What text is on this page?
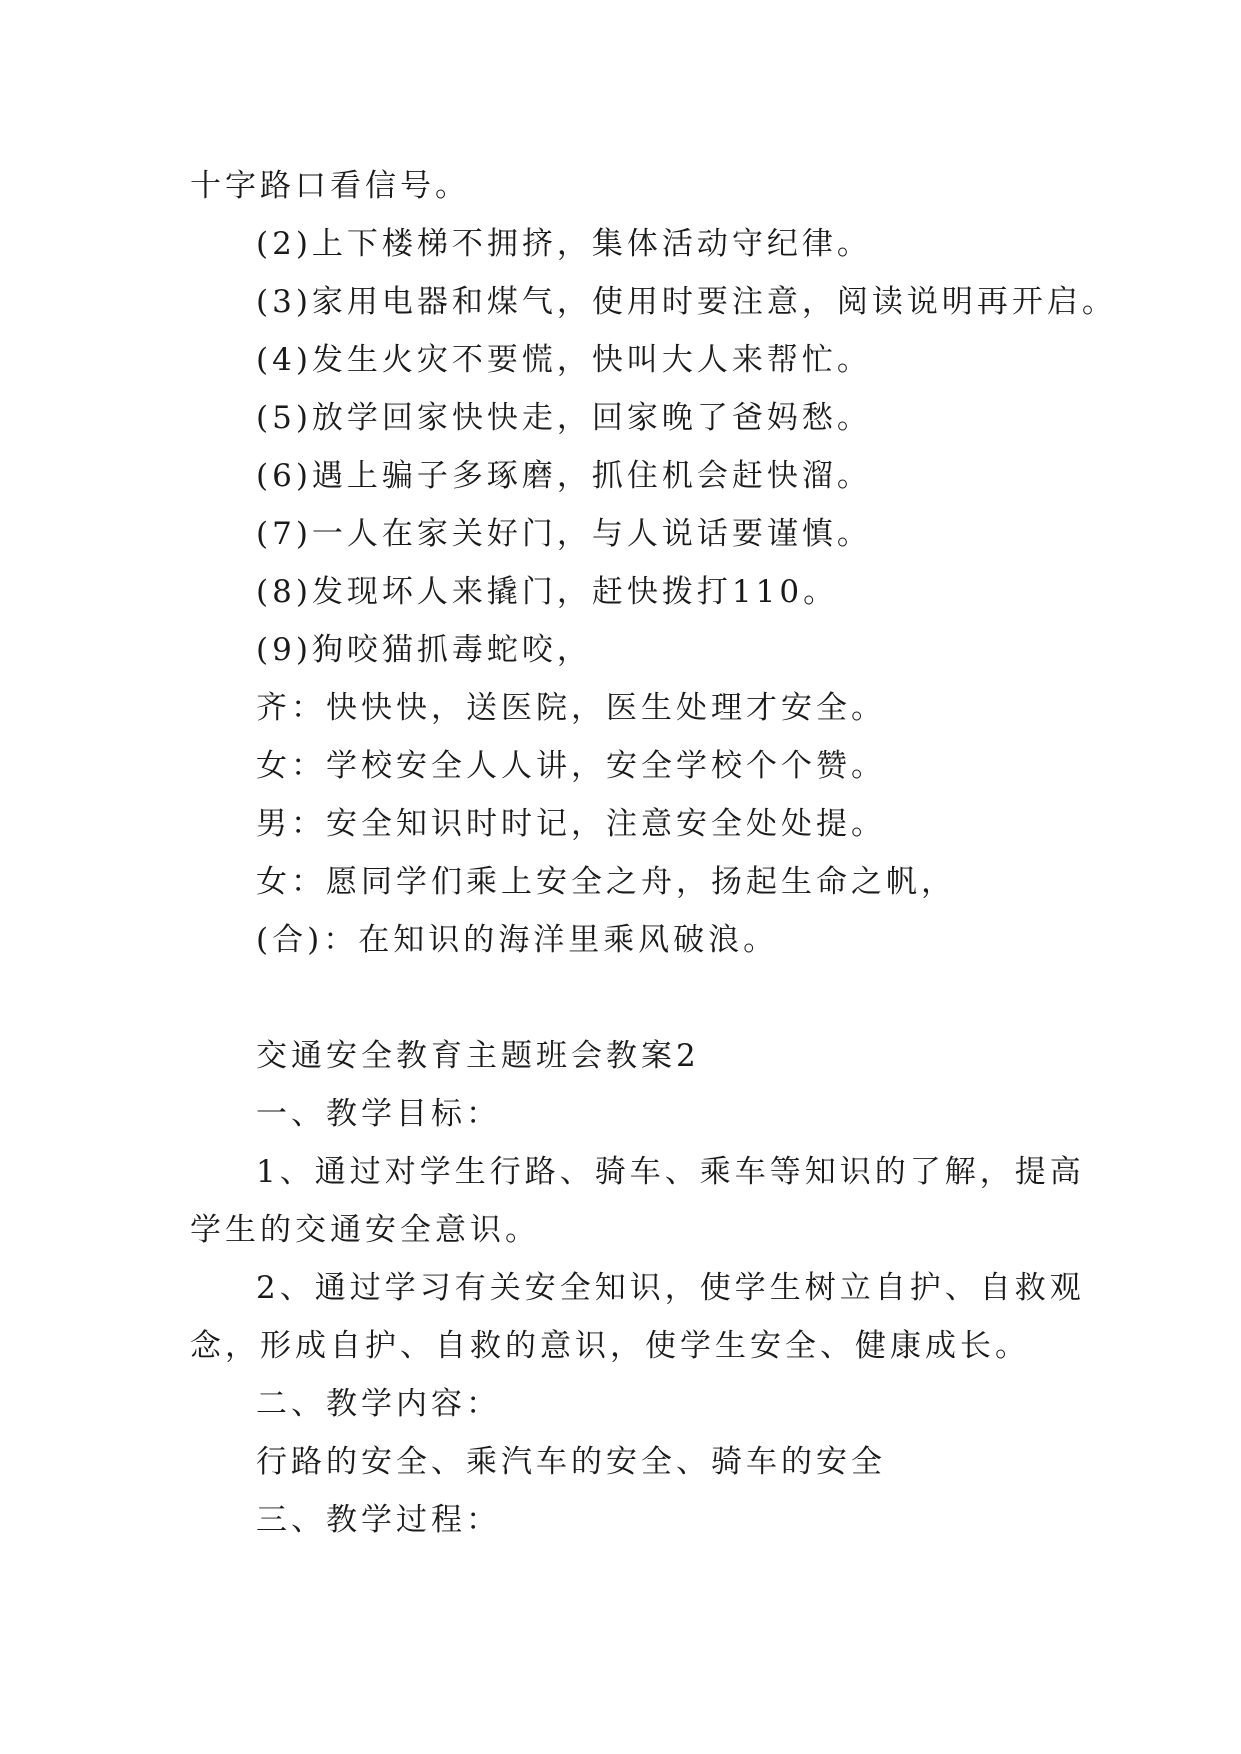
十字路口看信号。
(2)上下楼梯不拥挤，集体活动守纪律。
(3)家用电器和煤气，使用时要注意，阅读说明再开启。
(4)发生火灾不要慌，快叫大人来帮忙。
(5)放学回家快快走，回家晚了爸妈愁。
(6)遇上骗子多琢磨，抓住机会赶快溜。
(7)一人在家关好门，与人说话要谨慎。
(8)发现坏人来撬门，赶快拨打110。
(9)狗咬猫抓毒蛇咬，
齐：快快快，送医院，医生处理才安全。
女：学校安全人人讲，安全学校个个赞。
男：安全知识时时记，注意安全处处提。
女：愿同学们乘上安全之舟，扬起生命之帆，
(合)：在知识的海洋里乘风破浪。
交通安全教育主题班会教案2
一、教学目标：
1、通过对学生行路、骑车、乘车等知识的了解，提高
学生的交通安全意识。
2、通过学习有关安全知识，使学生树立自护、自救观
念，形成自护、自救的意识，使学生安全、健康成长。
二、教学内容：
行路的安全、乘汽车的安全、骑车的安全
三、教学过程：
